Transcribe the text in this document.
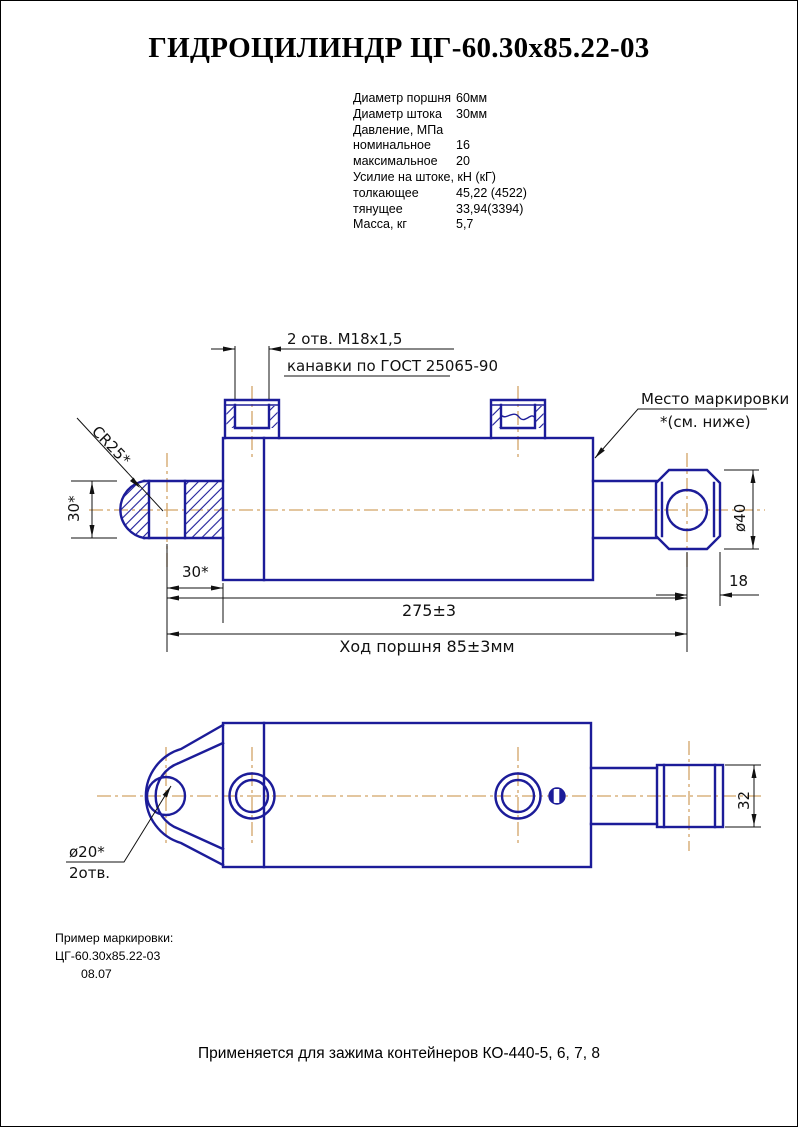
ГИДРОЦИЛИНДР ЦГ-60.30х85.22-03
Диаметр поршня 60мм
Диаметр штока 30мм
Давление, МПа
номинальное 16
максимальное 20
Усилие на штоке, кН (кГ)
толкающее	45,22 (4522)
тянущее	33,94(3394)
Масса, кг	5,7
30*
CR25*
2 отв. М18х1,5
канавки по ГОСТ 25065-90
Место маркировки
*(см. ниже)
30*
275±3
Ход поршня 85±3мм
ø40
18
ø20*
2отв.
32
Пример маркировки:
ЦГ-60.30х85.22-03
08.07
Применяется для зажима контейнеров КО-440-5, 6, 7, 8
